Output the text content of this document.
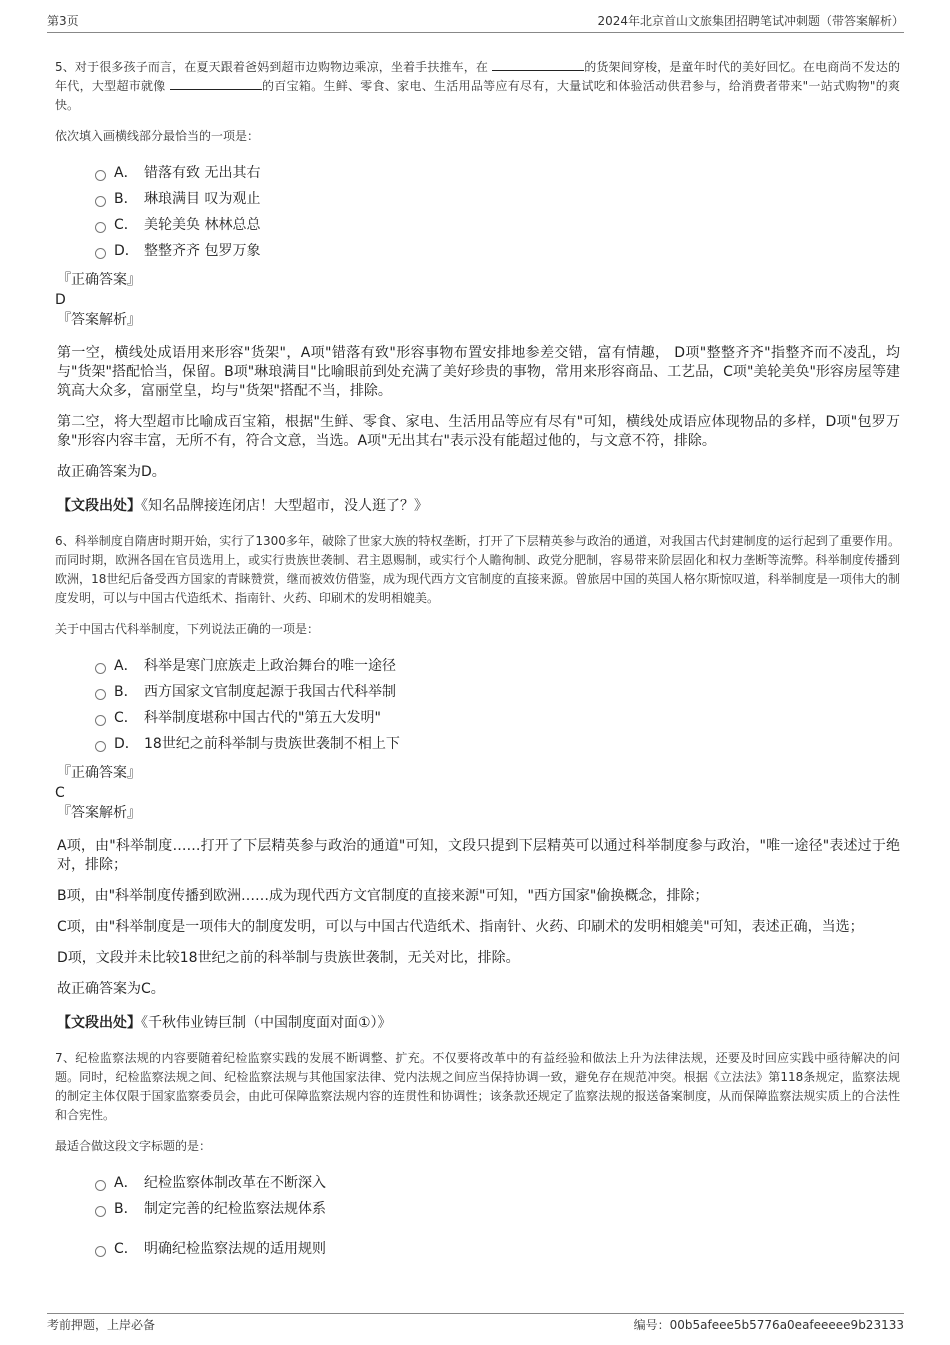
第3页	2024年北京首山文旅集团招聘笔试冲刺题（带答案解析）

5、对于很多孩子而言，在夏天跟着爸妈到超市边购物边乘凉，坐着手扶推车，在	的货架间穿梭，是童年时代的美好回忆。在电商尚不发达的年代，大型超市就像	的百宝箱。生鲜、零食、家电、生活用品等应有尽有，大量试吃和体验活动供君参与，给消费者带来"一站式购物"的爽快。

依次填入画横线部分最恰当的一项是：
A． 错落有致 无出其右
B． 琳琅满目 叹为观止
C． 美轮美奂 林林总总
D． 整整齐齐 包罗万象
『正确答案』
D
『答案解析』

第一空，横线处成语用来形容"货架"，A项"错落有致"形容事物布置安排地参差交错，富有情趣， D项"整整齐齐"指整齐而不凌乱，均与"货架"搭配恰当，保留。B项"琳琅满目"比喻眼前到处充满了美好珍贵的事物，常用来形容商品、工艺品，C项"美轮美奂"形容房屋等建筑高大众多，富丽堂皇，均与"货架"搭配不当，排除。

第二空，将大型超市比喻成百宝箱，根据"生鲜、零食、家电、生活用品等应有尽有"可知，横线处成语应体现物品的多样，D项"包罗万象"形容内容丰富，无所不有，符合文意，当选。A项"无出其右"表示没有能超过他的，与文意不符，排除。

故正确答案为D。

【文段出处】《知名品牌接连闭店！大型超市，没人逛了？》

6、科举制度自隋唐时期开始，实行了1300多年，破除了世家大族的特权垄断，打开了下层精英参与政治的通道，对我国古代封建制度的运行起到了重要作用。而同时期，欧洲各国在官员选用上，或实行贵族世袭制、君主恩赐制，或实行个人瞻徇制、政党分肥制，容易带来阶层固化和权力垄断等流弊。科举制度传播到欧洲，18世纪后备受西方国家的青睐赞赏，继而被效仿借鉴，成为现代西方文官制度的直接来源。曾旅居中国的英国人格尔斯惊叹道，科举制度是一项伟大的制度发明，可以与中国古代造纸术、指南针、火药、印刷术的发明相媲美。

关于中国古代科举制度，下列说法正确的一项是：
A． 科举是寒门庶族走上政治舞台的唯一途径
B． 西方国家文官制度起源于我国古代科举制
C． 科举制度堪称中国古代的"第五大发明"
D． 18世纪之前科举制与贵族世袭制不相上下
『正确答案』
C
『答案解析』

A项，由"科举制度……打开了下层精英参与政治的通道"可知，文段只提到下层精英可以通过科举制度参与政治，"唯一途径"表述过于绝对，排除；

B项，由"科举制度传播到欧洲……成为现代西方文官制度的直接来源"可知，"西方国家"偷换概念，排除；

C项，由"科举制度是一项伟大的制度发明，可以与中国古代造纸术、指南针、火药、印刷术的发明相媲美"可知，表述正确，当选；

D项，文段并未比较18世纪之前的科举制与贵族世袭制，无关对比，排除。

故正确答案为C。

【文段出处】《千秋伟业铸巨制（中国制度面对面①）》

7、纪检监察法规的内容要随着纪检监察实践的发展不断调整、扩充。不仅要将改革中的有益经验和做法上升为法律法规，还要及时回应实践中亟待解决的问题。同时，纪检监察法规之间、纪检监察法规与其他国家法律、党内法规之间应当保持协调一致，避免存在规范冲突。根据《立法法》第118条规定，监察法规的制定主体仅限于国家监察委员会，由此可保障监察法规内容的连贯性和协调性；该条款还规定了监察法规的报送备案制度，从而保障监察法规实质上的合法性和合宪性。

最适合做这段文字标题的是：
A． 纪检监察体制改革在不断深入
B． 制定完善的纪检监察法规体系
C． 明确纪检监察法规的适用规则
考前押题，上岸必备	编号：00b5afeee5b5776a0eafeeeee9b23133
